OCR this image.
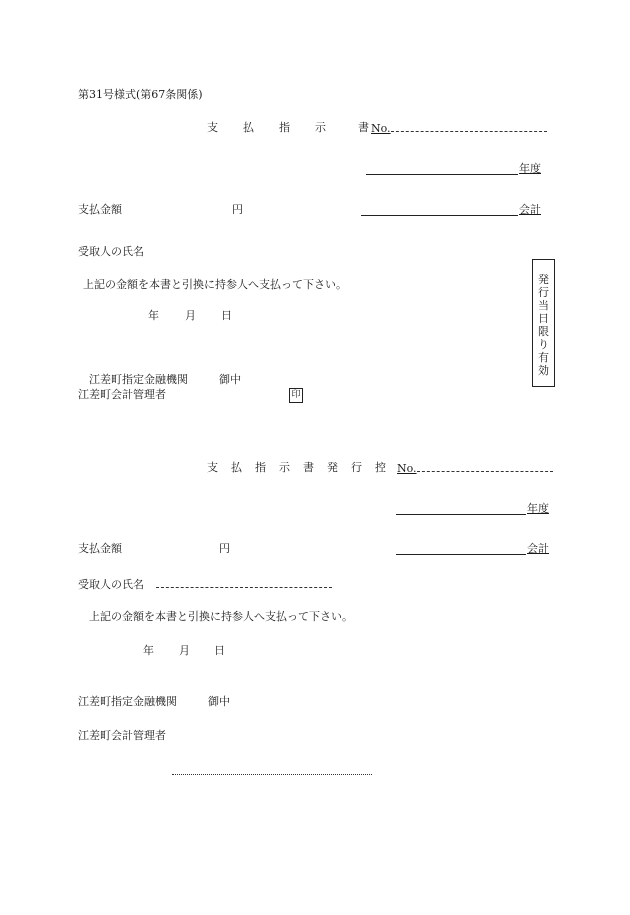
第31号様式(第67条関係)
支 払 指 示	書 No.
年度
支払金額	円	会計
受取人の氏名
上記の金額を本書と引換に持参人へ支払って下さい。
年 月 日
江差町指定金融機関	御中
江差町会計管理者	印
発行当日限り有効
支 払 指 示 書 発 行 控	No.
年度
支払金額	円	会計
受取人の氏名
上記の金額を本書と引換に持参人へ支払って下さい。
年 月 日
江差町指定金融機関	御中
江差町会計管理者
